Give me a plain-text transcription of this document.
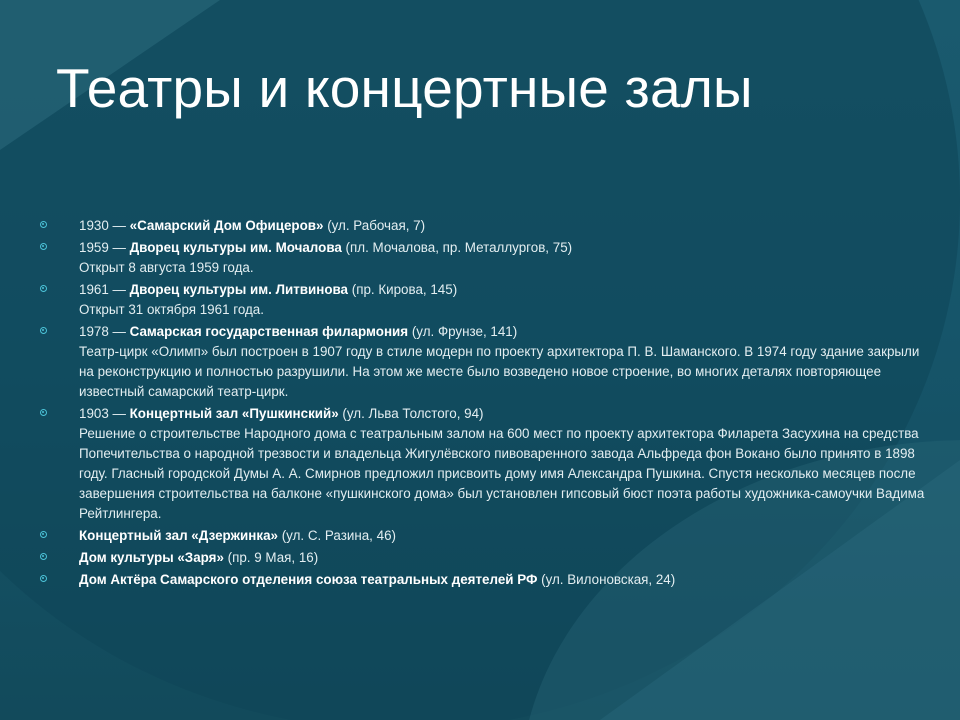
Театры и концертные залы
1930 — «Самарский Дом Офицеров» (ул. Рабочая, 7)
1959 — Дворец культуры им. Мочалова (пл. Мочалова, пр. Металлургов, 75)
Открыт 8 августа 1959 года.
1961 — Дворец культуры им. Литвинова (пр. Кирова, 145)
Открыт 31 октября 1961 года.
1978 — Самарская государственная филармония (ул. Фрунзе, 141)
Театр-цирк «Олимп» был построен в 1907 году в стиле модерн по проекту архитектора П. В. Шаманского. В 1974 году здание закрыли на реконструкцию и полностью разрушили. На этом же месте было возведено новое строение, во многих деталях повторяющее известный самарский театр-цирк.
1903 — Концертный зал «Пушкинский» (ул. Льва Толстого, 94)
Решение о строительстве Народного дома с театральным залом на 600 мест по проекту архитектора Филарета Засухина на средства Попечительства о народной трезвости и владельца Жигулёвского пивоваренного завода Альфреда фон Вокано было принято в 1898 году. Гласный городской Думы А. А. Смирнов предложил присвоить дому имя Александра Пушкина. Спустя несколько месяцев после завершения строительства на балконе «пушкинского дома» был установлен гипсовый бюст поэта работы художника-самоучки Вадима Рейтлингера.
Концертный зал «Дзержинка» (ул. С. Разина, 46)
Дом культуры «Заря» (пр. 9 Мая, 16)
Дом Актёра Самарского отделения союза театральных деятелей РФ (ул. Вилоновская, 24)
